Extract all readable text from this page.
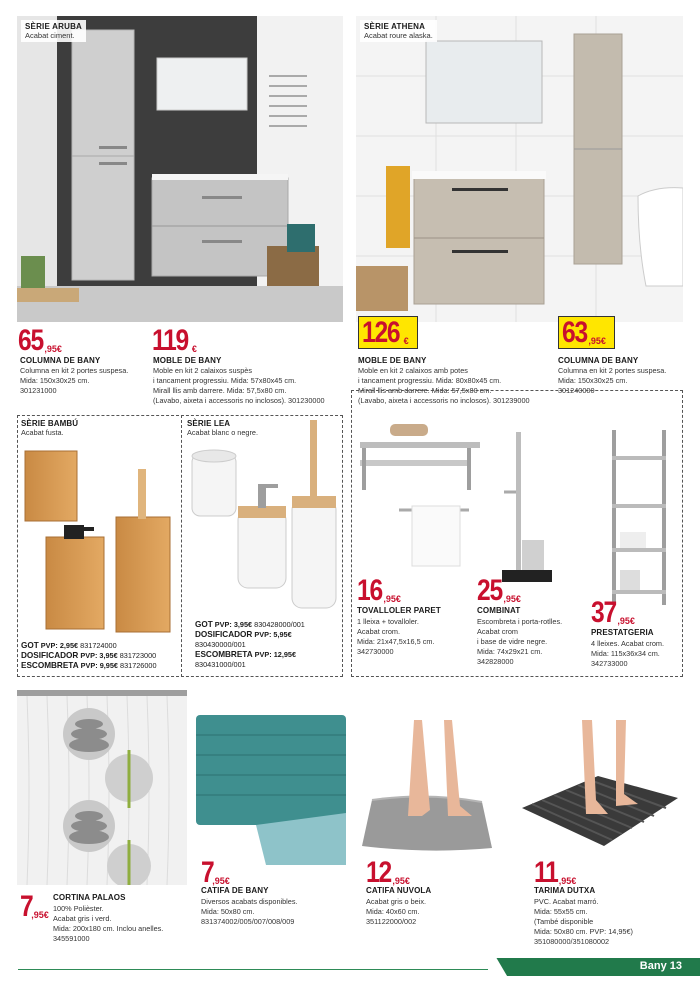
SÈRIE ARUBA
Acabat ciment.
SÈRIE ATHENA
Acabat roure alaska.
65,95€
COLUMNA DE BANY
Columna en kit 2 portes suspesa.
Mida: 150x30x25 cm.
301231000
119 €
MOBLE DE BANY
Moble en kit 2 calaixos suspès
i tancament progressiu. Mida: 57x80x45 cm.
Mirall llis amb darrere. Mida: 57,5x80 cm.
(Lavabo, aixeta i accessoris no inclosos). 301230000
126 €
MOBLE DE BANY
Moble en kit 2 calaixos amb potes
i tancament progressiu. Mida: 80x80x45 cm.
Mirall llis amb darrere. Mida: 57,5x80 cm.
(Lavabo, aixeta i accessoris no inclosos). 301239000
63,95€
COLUMNA DE BANY
Columna en kit 2 portes suspesa.
Mida: 150x30x25 cm.
301240000
SÈRIE BAMBÚ
Acabat fusta.
GOT PVP: 2,95€ 831724000
DOSIFICADOR PVP: 3,95€ 831723000
ESCOMBRETA PVP: 9,95€ 831726000
SÈRIE LEA
Acabat blanc o negre.
GOT PVP: 3,95€ 830428000/001
DOSIFICADOR PVP: 5,95€
830430000/001
ESCOMBRETA PVP: 12,95€
830431000/001
16,95€
TOVALLOLER PARET
1 lleixa + tovalloler.
Acabat crom.
Mida: 21x47,5x16,5 cm.
342730000
25,95€
COMBINAT
Escombreta i porta-rotlles.
Acabat crom
i base de vidre negre.
Mida: 74x29x21 cm.
342828000
37,95€
PRESTATGERIA
4 lleixes. Acabat crom.
Mida: 115x36x34 cm.
342733000
7,95€
CORTINA PALAOS
100% Polièster.
Acabat gris i verd.
Mida: 200x180 cm. Inclou anelles.
345591000
7,95€
CATIFA DE BANY
Diversos acabats disponibles.
Mida: 50x80 cm.
831374002/005/007/008/009
12,95€
CATIFA NUVOLA
Acabat gris o beix.
Mida: 40x60 cm.
351122000/002
11,95€
TARIMA DUTXA
PVC. Acabat marró.
Mida: 55x55 cm.
(També disponible
Mida: 50x80 cm. PVP: 14,95€)
351080000/351080002
Bany 13
